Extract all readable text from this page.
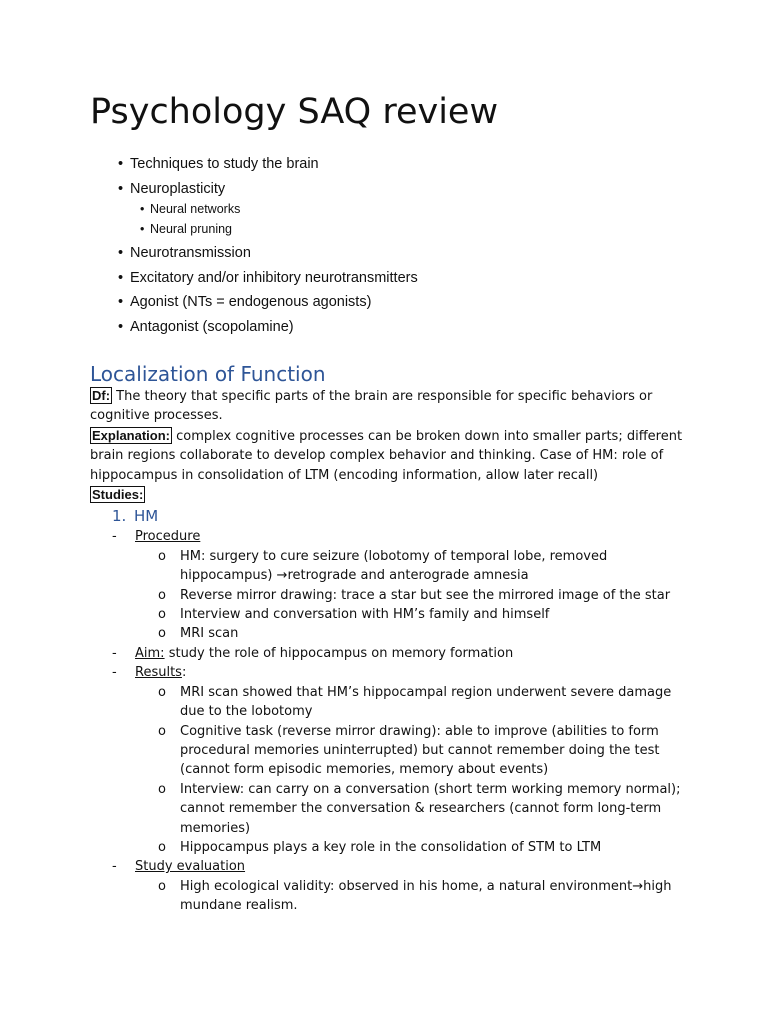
Psychology SAQ review
• Techniques to study the brain
• Neuroplasticity
• Neural networks
• Neural pruning
• Neurotransmission
• Excitatory and/or inhibitory neurotransmitters
• Agonist (NTs = endogenous agonists)
• Antagonist (scopolamine)
Localization of Function

Df: The theory that specific parts of the brain are responsible for specific behaviors or cognitive processes.

Explanation: complex cognitive processes can be broken down into smaller parts; different brain regions collaborate to develop complex behavior and thinking. Case of HM: role of hippocampus in consolidation of LTM (encoding information, allow later recall)

Studies:

1. HM
- Procedure
o HM: surgery to cure seizure (lobotomy of temporal lobe, removed hippocampus) →retrograde and anterograde amnesia
o Reverse mirror drawing: trace a star but see the mirrored image of the star
o Interview and conversation with HM’s family and himself
o MRI scan
- Aim: study the role of hippocampus on memory formation
- Results:
o MRI scan showed that HM’s hippocampal region underwent severe damage due to the lobotomy
o Cognitive task (reverse mirror drawing): able to improve (abilities to form procedural memories uninterrupted) but cannot remember doing the test (cannot form episodic memories, memory about events)
o Interview: can carry on a conversation (short term working memory normal); cannot remember the conversation & researchers (cannot form long-term memories)
o Hippocampus plays a key role in the consolidation of STM to LTM
- Study evaluation
o High ecological validity: observed in his home, a natural environment→high mundane realism.
